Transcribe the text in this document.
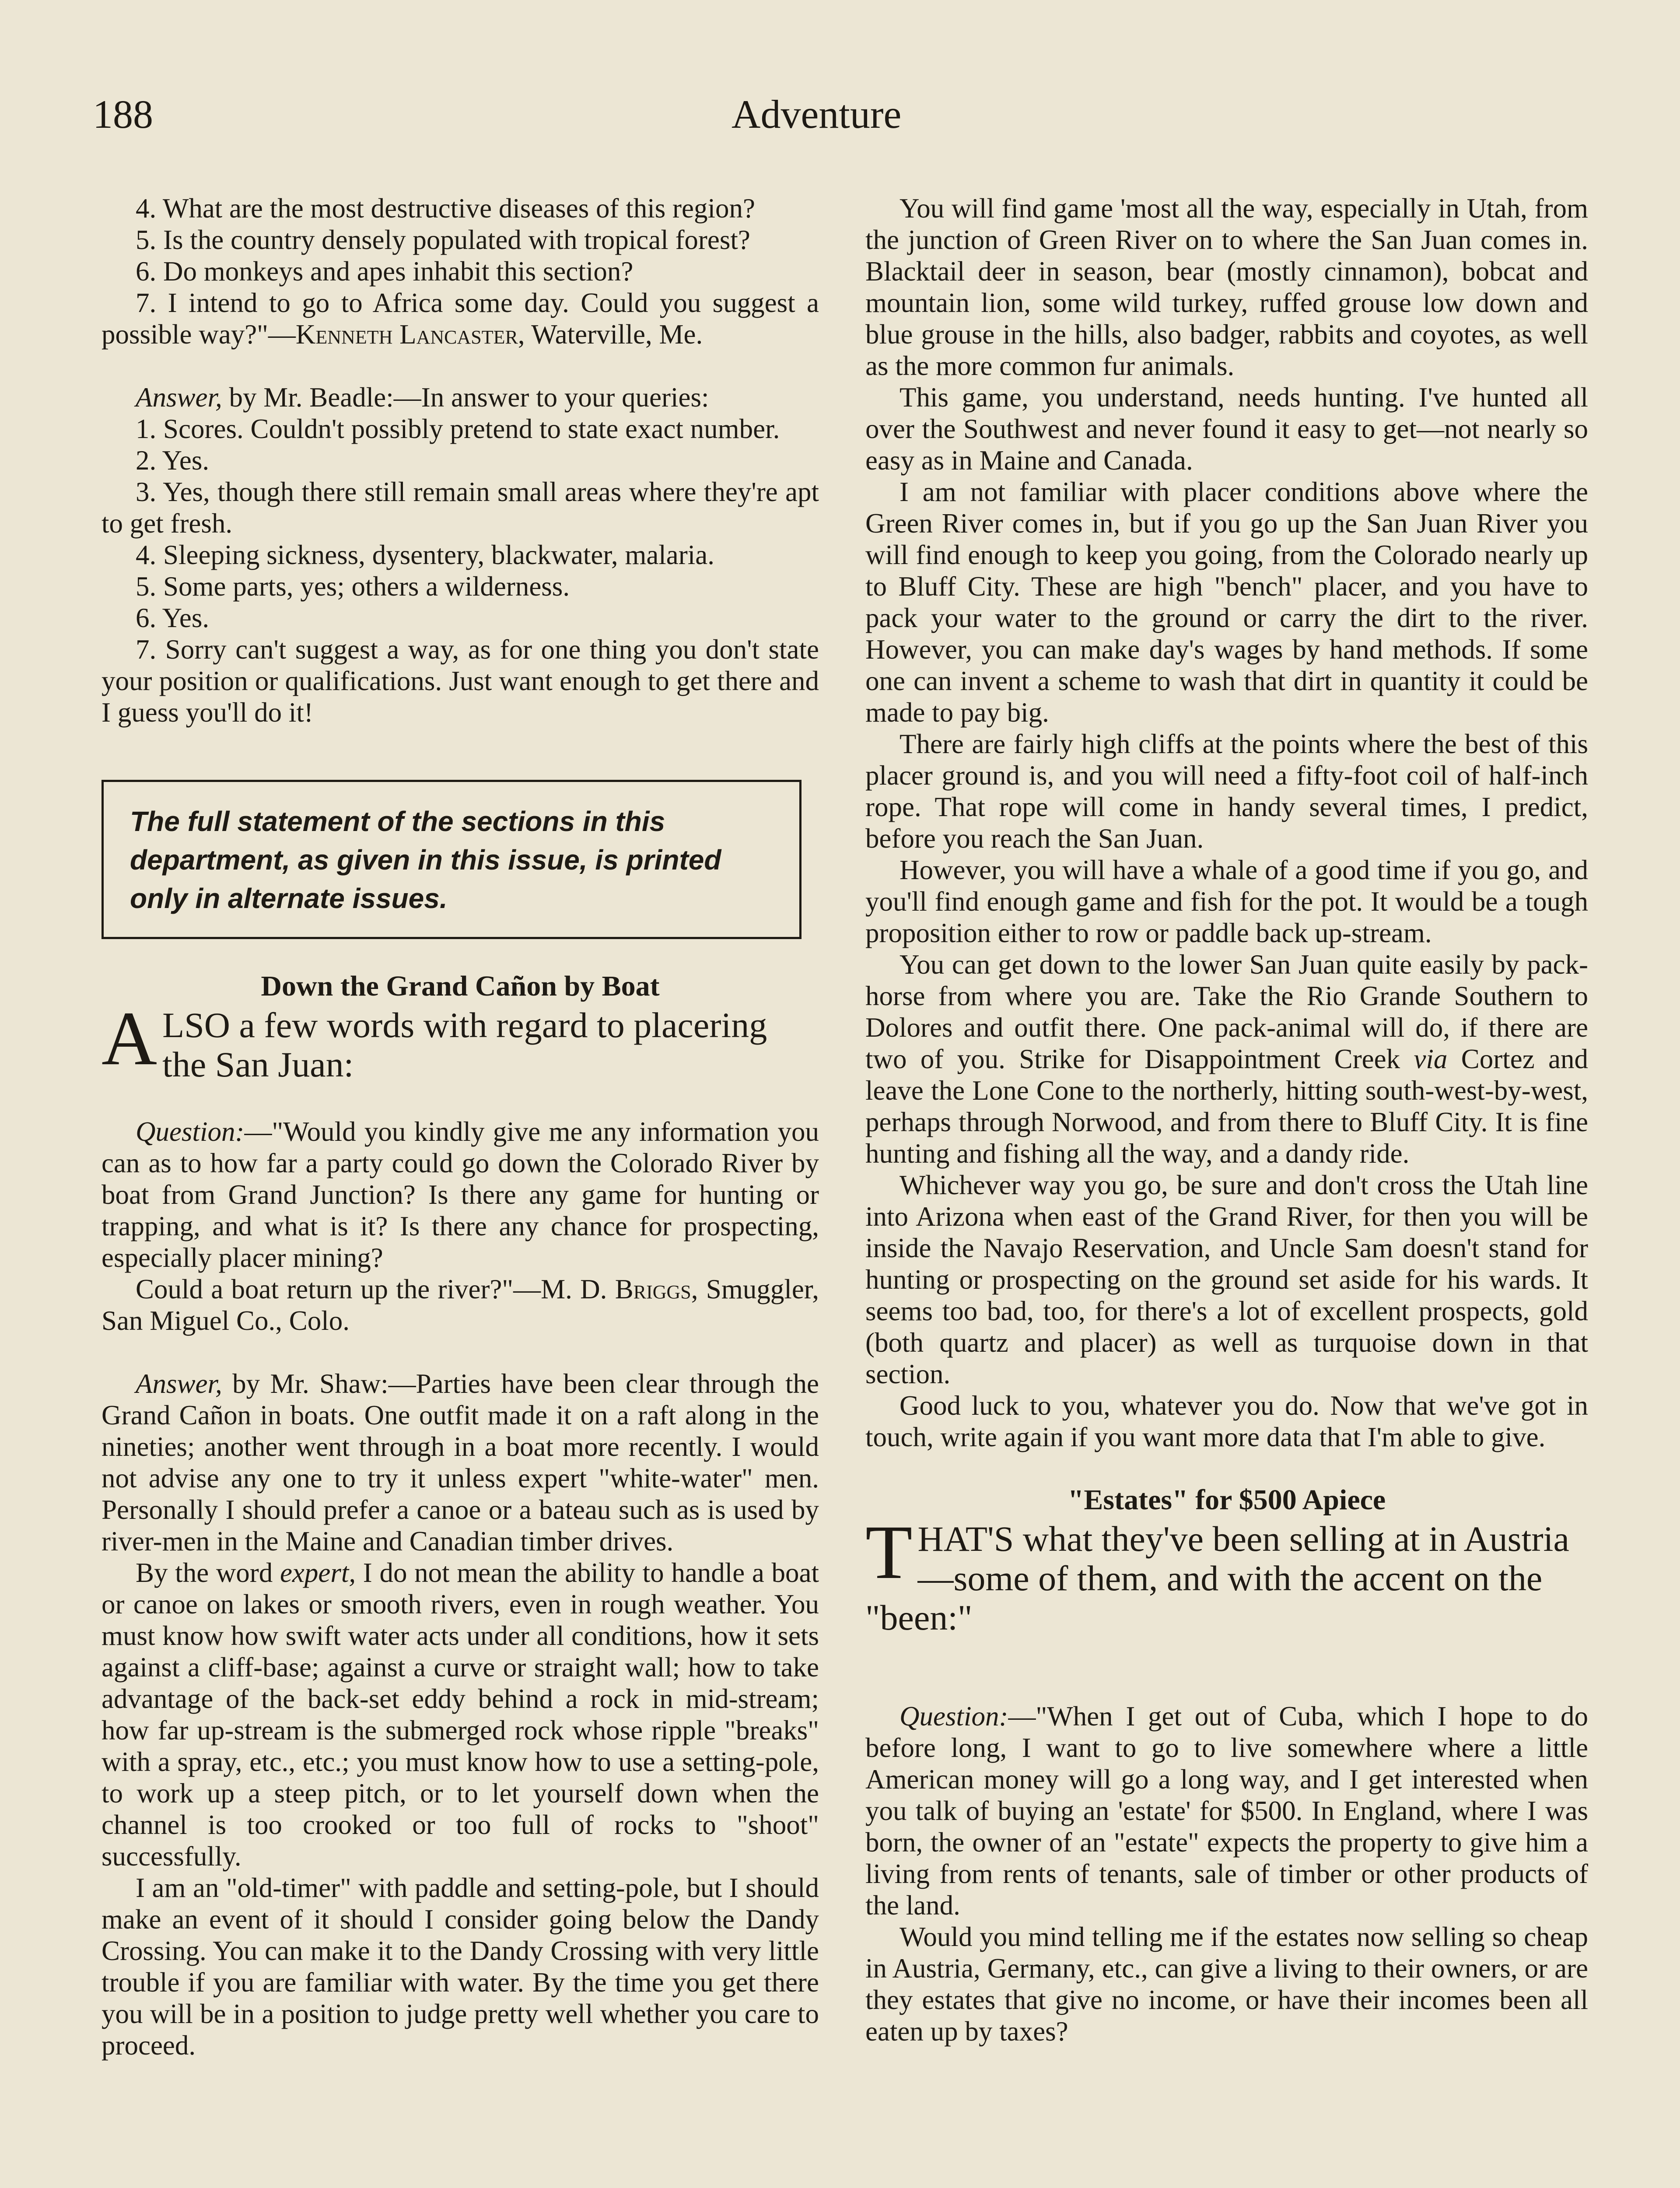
188	Adventure

4. What are the most destructive diseases of this region?

5. Is the country densely populated with tropical forest?

6. Do monkeys and apes inhabit this section?

7. I intend to go to Africa some day. Could you suggest a possible way?"—Kenneth Lancaster, Waterville, Me.

Answer, by Mr. Beadle:—In answer to your queries:

1. Scores. Couldn't possibly pretend to state exact number.

2. Yes.

3. Yes, though there still remain small areas where they're apt to get fresh.

4. Sleeping sickness, dysentery, blackwater, malaria.

5. Some parts, yes; others a wilderness.

6. Yes.

7. Sorry can't suggest a way, as for one thing you don't state your position or qualifications. Just want enough to get there and I guess you'll do it!

The full statement of the sections in this department, as given in this issue, is printed only in alternate issues.

Down the Grand Cañon by Boat

ALSO a few words with regard to placering the San Juan:

Question:—"Would you kindly give me any information you can as to how far a party could go down the Colorado River by boat from Grand Junction? Is there any game for hunting or trapping, and what is it? Is there any chance for prospecting, especially placer mining?

Could a boat return up the river?"—M. D. Briggs, Smuggler, San Miguel Co., Colo.

Answer, by Mr. Shaw:—Parties have been clear through the Grand Cañon in boats. One outfit made it on a raft along in the nineties; another went through in a boat more recently. I would not advise any one to try it unless expert "white-water" men. Personally I should prefer a canoe or a bateau such as is used by river-men in the Maine and Canadian timber drives.

By the word expert, I do not mean the ability to handle a boat or canoe on lakes or smooth rivers, even in rough weather. You must know how swift water acts under all conditions, how it sets against a cliff-base; against a curve or straight wall; how to take advantage of the back-set eddy behind a rock in mid-stream; how far up-stream is the submerged rock whose ripple "breaks" with a spray, etc., etc.; you must know how to use a setting-pole, to work up a steep pitch, or to let yourself down when the channel is too crooked or too full of rocks to "shoot" successfully.

I am an "old-timer" with paddle and setting-pole, but I should make an event of it should I consider going below the Dandy Crossing. You can make it to the Dandy Crossing with very little trouble if you are familiar with water. By the time you get there you will be in a position to judge pretty well whether you care to proceed.

You will find game 'most all the way, especially in Utah, from the junction of Green River on to where the San Juan comes in. Blacktail deer in season, bear (mostly cinnamon), bobcat and mountain lion, some wild turkey, ruffed grouse low down and blue grouse in the hills, also badger, rabbits and coyotes, as well as the more common fur animals.

This game, you understand, needs hunting. I've hunted all over the Southwest and never found it easy to get—not nearly so easy as in Maine and Canada.

I am not familiar with placer conditions above where the Green River comes in, but if you go up the San Juan River you will find enough to keep you going, from the Colorado nearly up to Bluff City. These are high "bench" placer, and you have to pack your water to the ground or carry the dirt to the river. However, you can make day's wages by hand methods. If some one can invent a scheme to wash that dirt in quantity it could be made to pay big.

There are fairly high cliffs at the points where the best of this placer ground is, and you will need a fifty-foot coil of half-inch rope. That rope will come in handy several times, I predict, before you reach the San Juan.

However, you will have a whale of a good time if you go, and you'll find enough game and fish for the pot. It would be a tough proposition either to row or paddle back up-stream.

You can get down to the lower San Juan quite easily by pack-horse from where you are. Take the Rio Grande Southern to Dolores and outfit there. One pack-animal will do, if there are two of you. Strike for Disappointment Creek via Cortez and leave the Lone Cone to the northerly, hitting south-west-by-west, perhaps through Norwood, and from there to Bluff City. It is fine hunting and fishing all the way, and a dandy ride.

Whichever way you go, be sure and don't cross the Utah line into Arizona when east of the Grand River, for then you will be inside the Navajo Reservation, and Uncle Sam doesn't stand for hunting or prospecting on the ground set aside for his wards. It seems too bad, too, for there's a lot of excellent prospects, gold (both quartz and placer) as well as turquoise down in that section.

Good luck to you, whatever you do. Now that we've got in touch, write again if you want more data that I'm able to give.

"Estates" for $500 Apiece

THAT'S what they've been selling at in Austria—some of them, and with the accent on the "been:"

Question:—"When I get out of Cuba, which I hope to do before long, I want to go to live somewhere where a little American money will go a long way, and I get interested when you talk of buying an 'estate' for $500. In England, where I was born, the owner of an "estate" expects the property to give him a living from rents of tenants, sale of timber or other products of the land.

Would you mind telling me if the estates now selling so cheap in Austria, Germany, etc., can give a living to their owners, or are they estates that give no income, or have their incomes been all eaten up by taxes?
